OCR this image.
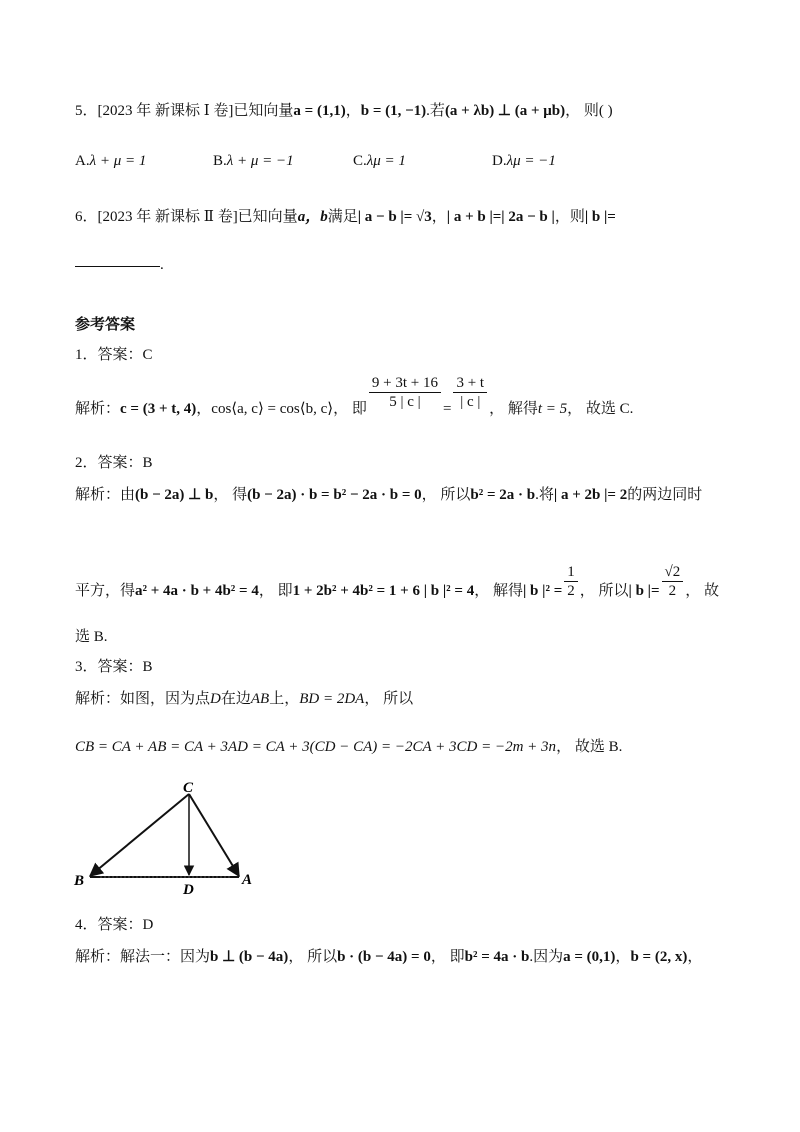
5．[2023 年 新课标 Ⅰ 卷]已知向量a = (1,1)，b = (1, −1).若(a + λb) ⊥ (a + μb)， 则( )
A.λ + μ = 1	B.λ + μ = −1	C.λμ = 1	D.λμ = −1
6．[2023 年 新课标 Ⅱ 卷]已知向量a，b满足| a − b |= √3，| a + b |=| 2a − b |，则| b |=
.
参考答案
1．答案：C
解析：c = (3 + t, 4)，cos⟨a, c⟩ = cos⟨b, c⟩， 即 $\frac{9 + 3t + 16}{5 | c |} = \frac{3 + t}{| c |}$ ， 解得t = 5， 故选 C.
2．答案：B
解析：由(b − 2a) ⊥ b， 得(b − 2a) · b = b² − 2a · b = 0， 所以b² = 2a · b.将| a + 2b |= 2的两边同时
平方，得a² + 4a · b + 4b² = 4， 即1 + 2b² + 4b² = 1 + 6 | b |² = 4， 解得| b $|^2 = \frac{1}{2}$ ， 所以| b |= $\frac{√2}{2}$ ， 故
选 B.
3．答案：B
解析：如图，因为点D在边AB上，BD = 2DA， 所以
CB = CA + AB = CA + 3AD = CA + 3(CD − CA) = −2CA + 3CD = −2m + 3n， 故选 B.
C
B
D
A
4．答案：D
解析：解法一：因为b ⊥ (b − 4a)， 所以b · (b − 4a) = 0， 即b² = 4a · b.因为a = (0,1)，b = (2, x)，
